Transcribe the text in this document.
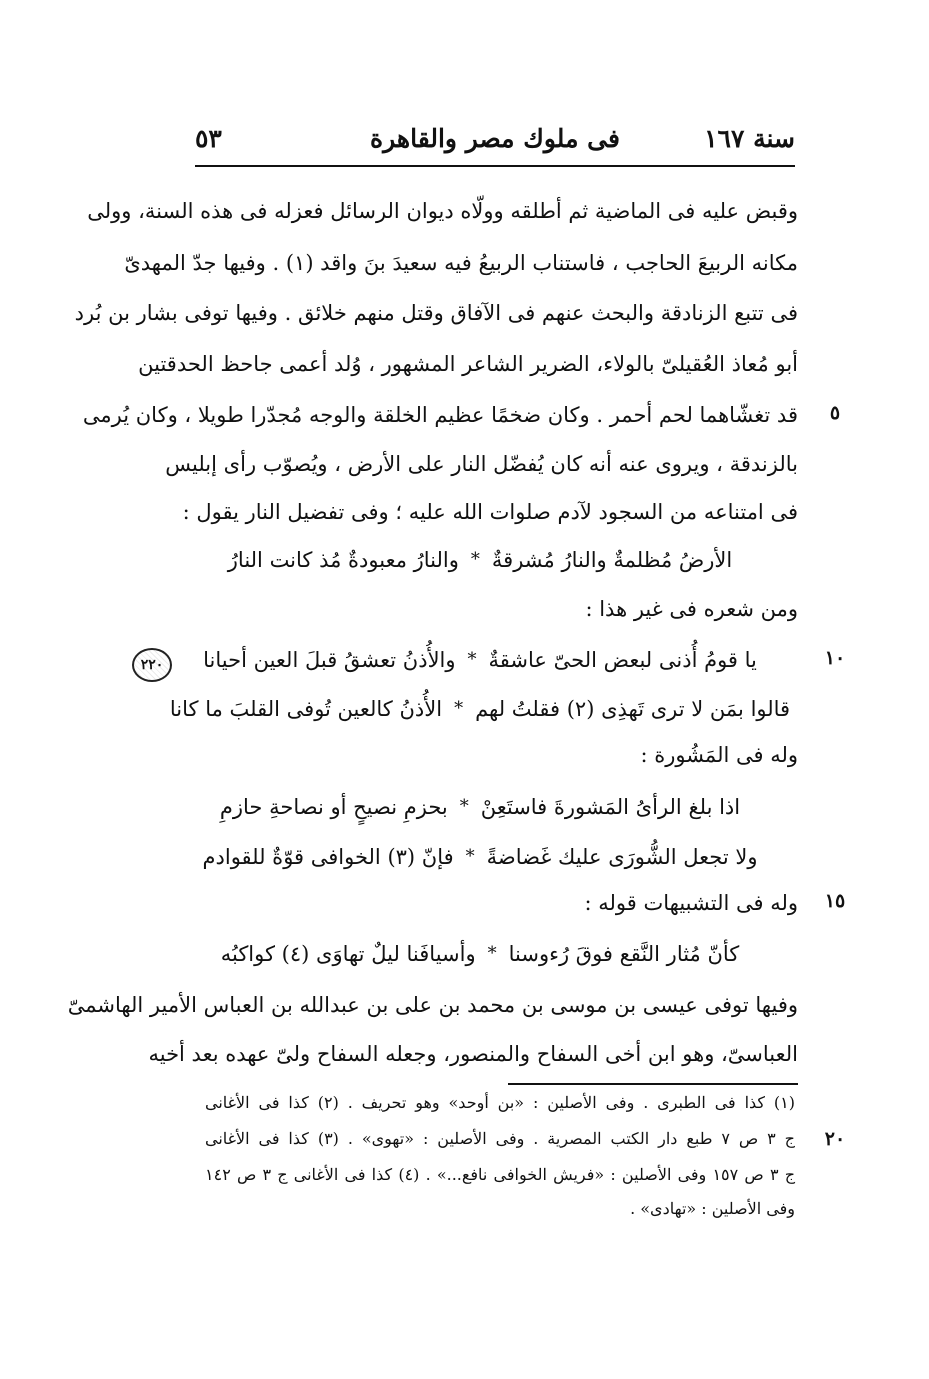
سنة ١٦٧
فى ملوك مصر والقاهرة
٥٣
وقبض عليه فى الماضية ثم أطلقه وولّاه ديوان الرسائل فعزله فى هذه السنة، وولى
مكانه الربيعَ الحاجب ، فاستناب الربيعُ فيه سعيدَ بنَ واقد (١) . وفيها جدّ المهدىّ
فى تتبع الزنادقة والبحث عنهم فى الآفاق وقتل منهم خلائق . وفيها توفى بشار بن بُرد
أبو مُعاذ العُقيلىّ بالولاء، الضرير الشاعر المشهور ، وُلد أعمى جاحظ الحدقتين
قد تغشّاهما لحم أحمر . وكان ضخمًا عظيم الخلقة والوجه مُجدّرا طويلا ، وكان يُرمى	٥
بالزندقة ، ويروى عنه أنه كان يُفضّل النار على الأرض ، ويُصوّب رأى إبليس
فى امتناعه من السجود لآدم صلوات الله عليه ؛ وفى تفضيل النار يقول :
الأرضُ مُظلمةٌ والنارُ مُشرقةٌ
*
والنارُ معبودةٌ مُذ كانت النارُ
ومن شعره فى غير هذا :
يا قومُ أُذنى لبعض الحىّ عاشقةٌ
*
والأُذنُ تعشقُ قبلَ العين أحيانا	١٠
٢٢٠
قالوا بمَن لا ترى تَهذِى (٢) فقلتُ لهم
*
الأُذنُ كالعين تُوفى القلبَ ما كانا
وله فى المَشُورة :
اذا بلغ الرأىُ المَشورةَ فاستَعِنْ
*
بحزمِ نصيحٍ أو نصاحةِ حازمِ
ولا تجعل الشُّورَى عليك غَضاضةً
*
فإنّ (٣) الخوافى قوّةٌ للقوادم
وله فى التشبيهات قوله :	١٥
كأنّ مُثار النَّقع فوقَ رُءوسنا
*
وأسيافَنا ليلٌ تهاوَى (٤) كواكبُه
وفيها توفى عيسى بن موسى بن محمد بن على بن عبدالله بن العباس الأمير الهاشمىّ
العباسىّ، وهو ابن أخى السفاح والمنصور، وجعله السفاح ولىّ عهده بعد أخيه
(١) كذا فى الطبرى . وفى الأصلين : «بن أوحد» وهو تحريف . (٢) كذا فى الأغانى
ج ٣ ص ٧ طبع دار الكتب المصرية . وفى الأصلين : «تهوى» . (٣) كذا فى الأغانى	٢٠
ج ٣ ص ١٥٧ وفى الأصلين : «فريش الخوافى نافع...» . (٤) كذا فى الأغانى ج ٣ ص ١٤٢
وفى الأصلين : «تهادى» .
